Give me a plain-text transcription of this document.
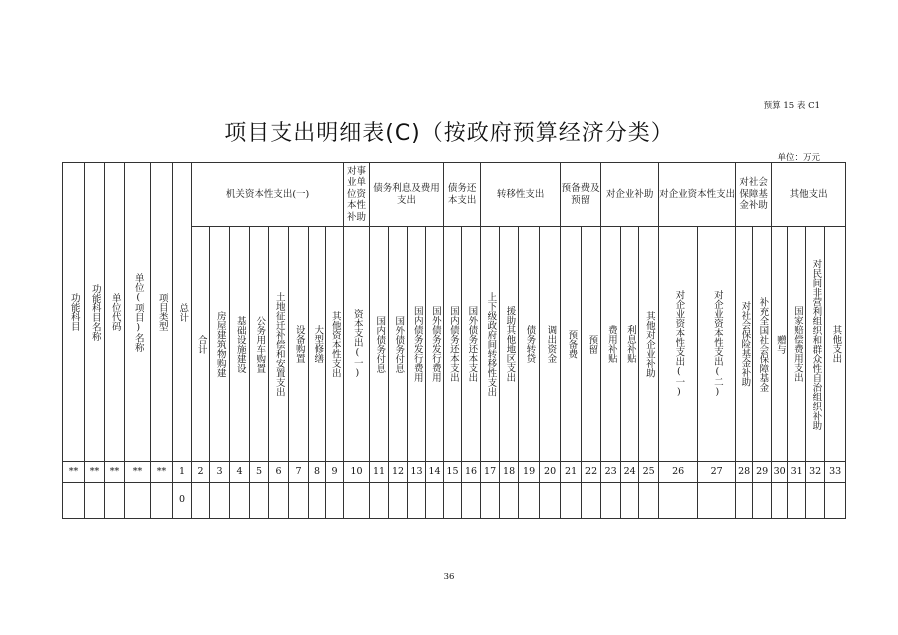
预算 15 表 C1
项目支出明细表(C)（按政府预算经济分类）
单位：万元
功能科目	功能科目名称	单位代码	单位(项目)名称	项目类型	总计	机关资本性支出(一)								对事业单位资本性补助	债务利息及费用支出				债务还本支出		转移性支出				预备费及预留		对企业补助			对企业资本性支出		对社会保障基金补助		其他支出			
						合计	房屋建筑物购建	基础设施建设	公务用车购置	土地征迁补偿和安置支出	设备购置	大型修缮	其他资本性支出	资本支出(一)	国内债务付息	国外债务付息	国内债务发行费用	国外债务发行费用	国内债务还本支出	国外债务还本支出	上下级政府间转移性支出	援助其他地区支出	债务转贷	调出资金	预备费	预留	费用补贴	利息补贴	其他对企业补助	对企业资本性支出(一)	对企业资本性支出(二)	对社会保险基金补助	补充全国社会保障基金	赠与	国家赔偿费用支出	对民间非营利组织和群众性自治组织补助	其他支出
**	**	**	**	**	1	2	3	4	5	6	7	8	9	10	11	12	13	14	15	16	17	18	19	20	21	22	23	24	25	26	27	28	29	30	31	32	33
					0																																
36
